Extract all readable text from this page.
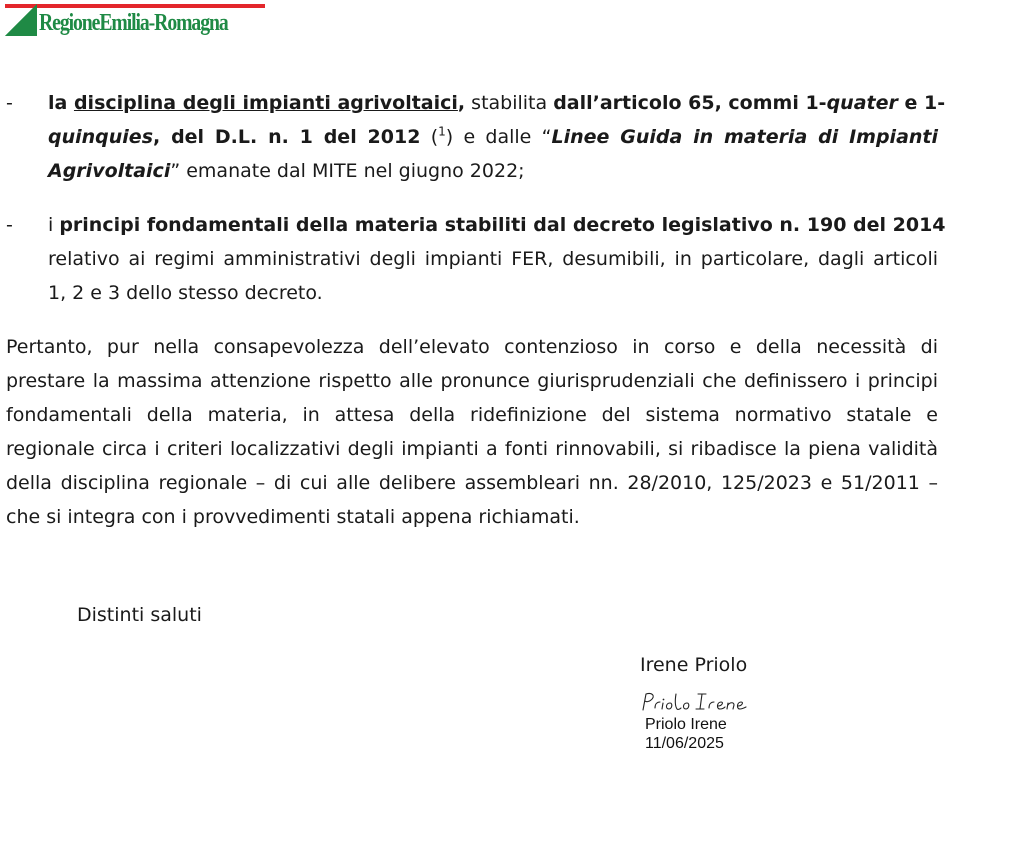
RegioneEmilia-Romagna
- la disciplina degli impianti agrivoltaici, stabilita dall’articolo 65, commi 1-quater e 1-
quinquies, del D.L. n. 1 del 2012 ($^1$) e dalle “Linee Guida in materia di Impianti
Agrivoltaici” emanate dal MITE nel giugno 2022;
- i principi fondamentali della materia stabiliti dal decreto legislativo n. 190 del 2014
relativo ai regimi amministrativi degli impianti FER, desumibili, in particolare, dagli articoli
1, 2 e 3 dello stesso decreto.
Pertanto, pur nella consapevolezza dell’elevato contenzioso in corso e della necessità di
prestare la massima attenzione rispetto alle pronunce giurisprudenziali che definissero i principi
fondamentali della materia, in attesa della ridefinizione del sistema normativo statale e
regionale circa i criteri localizzativi degli impianti a fonti rinnovabili, si ribadisce la piena validità
della disciplina regionale – di cui alle delibere assembleari nn. 28/2010, 125/2023 e 51/2011 –
che si integra con i provvedimenti statali appena richiamati.
Distinti saluti
Irene Priolo
Priolo Irene
11/06/2025
